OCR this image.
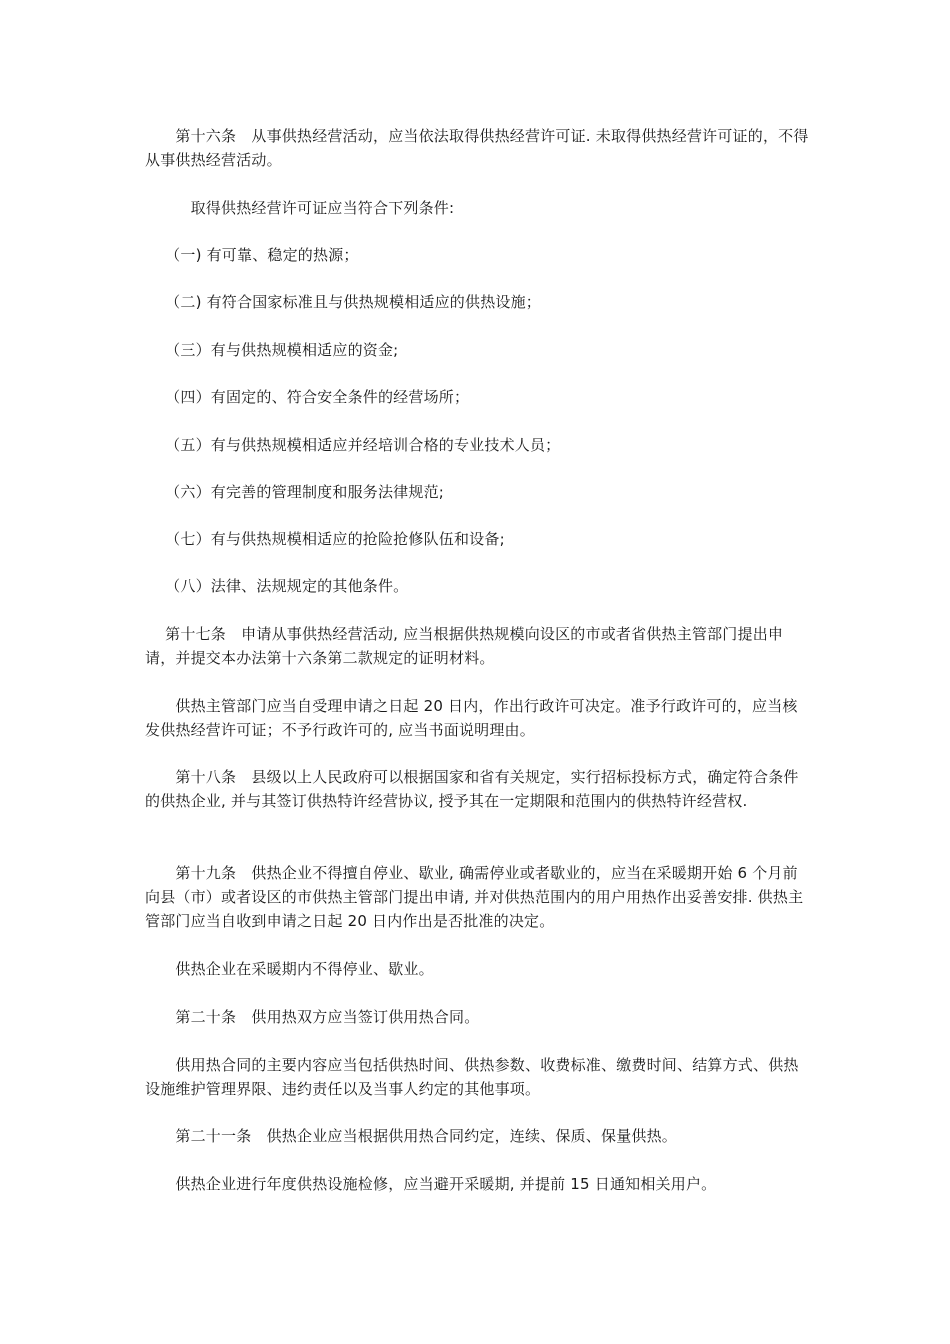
　　第十六条　从事供热经营活动，应当依法取得供热经营许可证. 未取得供热经营许可证的，不得从事供热经营活动。

　　　取得供热经营许可证应当符合下列条件:

　 （一) 有可靠、稳定的热源；

　 （二) 有符合国家标准且与供热规模相适应的供热设施；

　 （三）有与供热规模相适应的资金;

　 （四）有固定的、符合安全条件的经营场所；

　 （五）有与供热规模相适应并经培训合格的专业技术人员；

　 （六）有完善的管理制度和服务法律规范;

　 （七）有与供热规模相适应的抢险抢修队伍和设备;

　 （八）法律、法规规定的其他条件。

　第十七条　申请从事供热经营活动, 应当根据供热规模向设区的市或者省供热主管部门提出申请，并提交本办法第十六条第二款规定的证明材料。

　　供热主管部门应当自受理申请之日起 20 日内，作出行政许可决定。准予行政许可的，应当核发供热经营许可证；不予行政许可的, 应当书面说明理由。

　　第十八条　县级以上人民政府可以根据国家和省有关规定，实行招标投标方式，确定符合条件的供热企业, 并与其签订供热特许经营协议, 授予其在一定期限和范围内的供热特许经营权.

　　第十九条　供热企业不得擅自停业、歇业, 确需停业或者歇业的，应当在采暖期开始 6 个月前向县（市）或者设区的市供热主管部门提出申请, 并对供热范围内的用户用热作出妥善安排. 供热主管部门应当自收到申请之日起 20 日内作出是否批准的决定。

　　供热企业在采暖期内不得停业、歇业。

　　第二十条　供用热双方应当签订供用热合同。

　　供用热合同的主要内容应当包括供热时间、供热参数、收费标准、缴费时间、结算方式、供热设施维护管理界限、违约责任以及当事人约定的其他事项。

　　第二十一条　供热企业应当根据供用热合同约定，连续、保质、保量供热。

　　供热企业进行年度供热设施检修，应当避开采暖期, 并提前 15 日通知相关用户。
